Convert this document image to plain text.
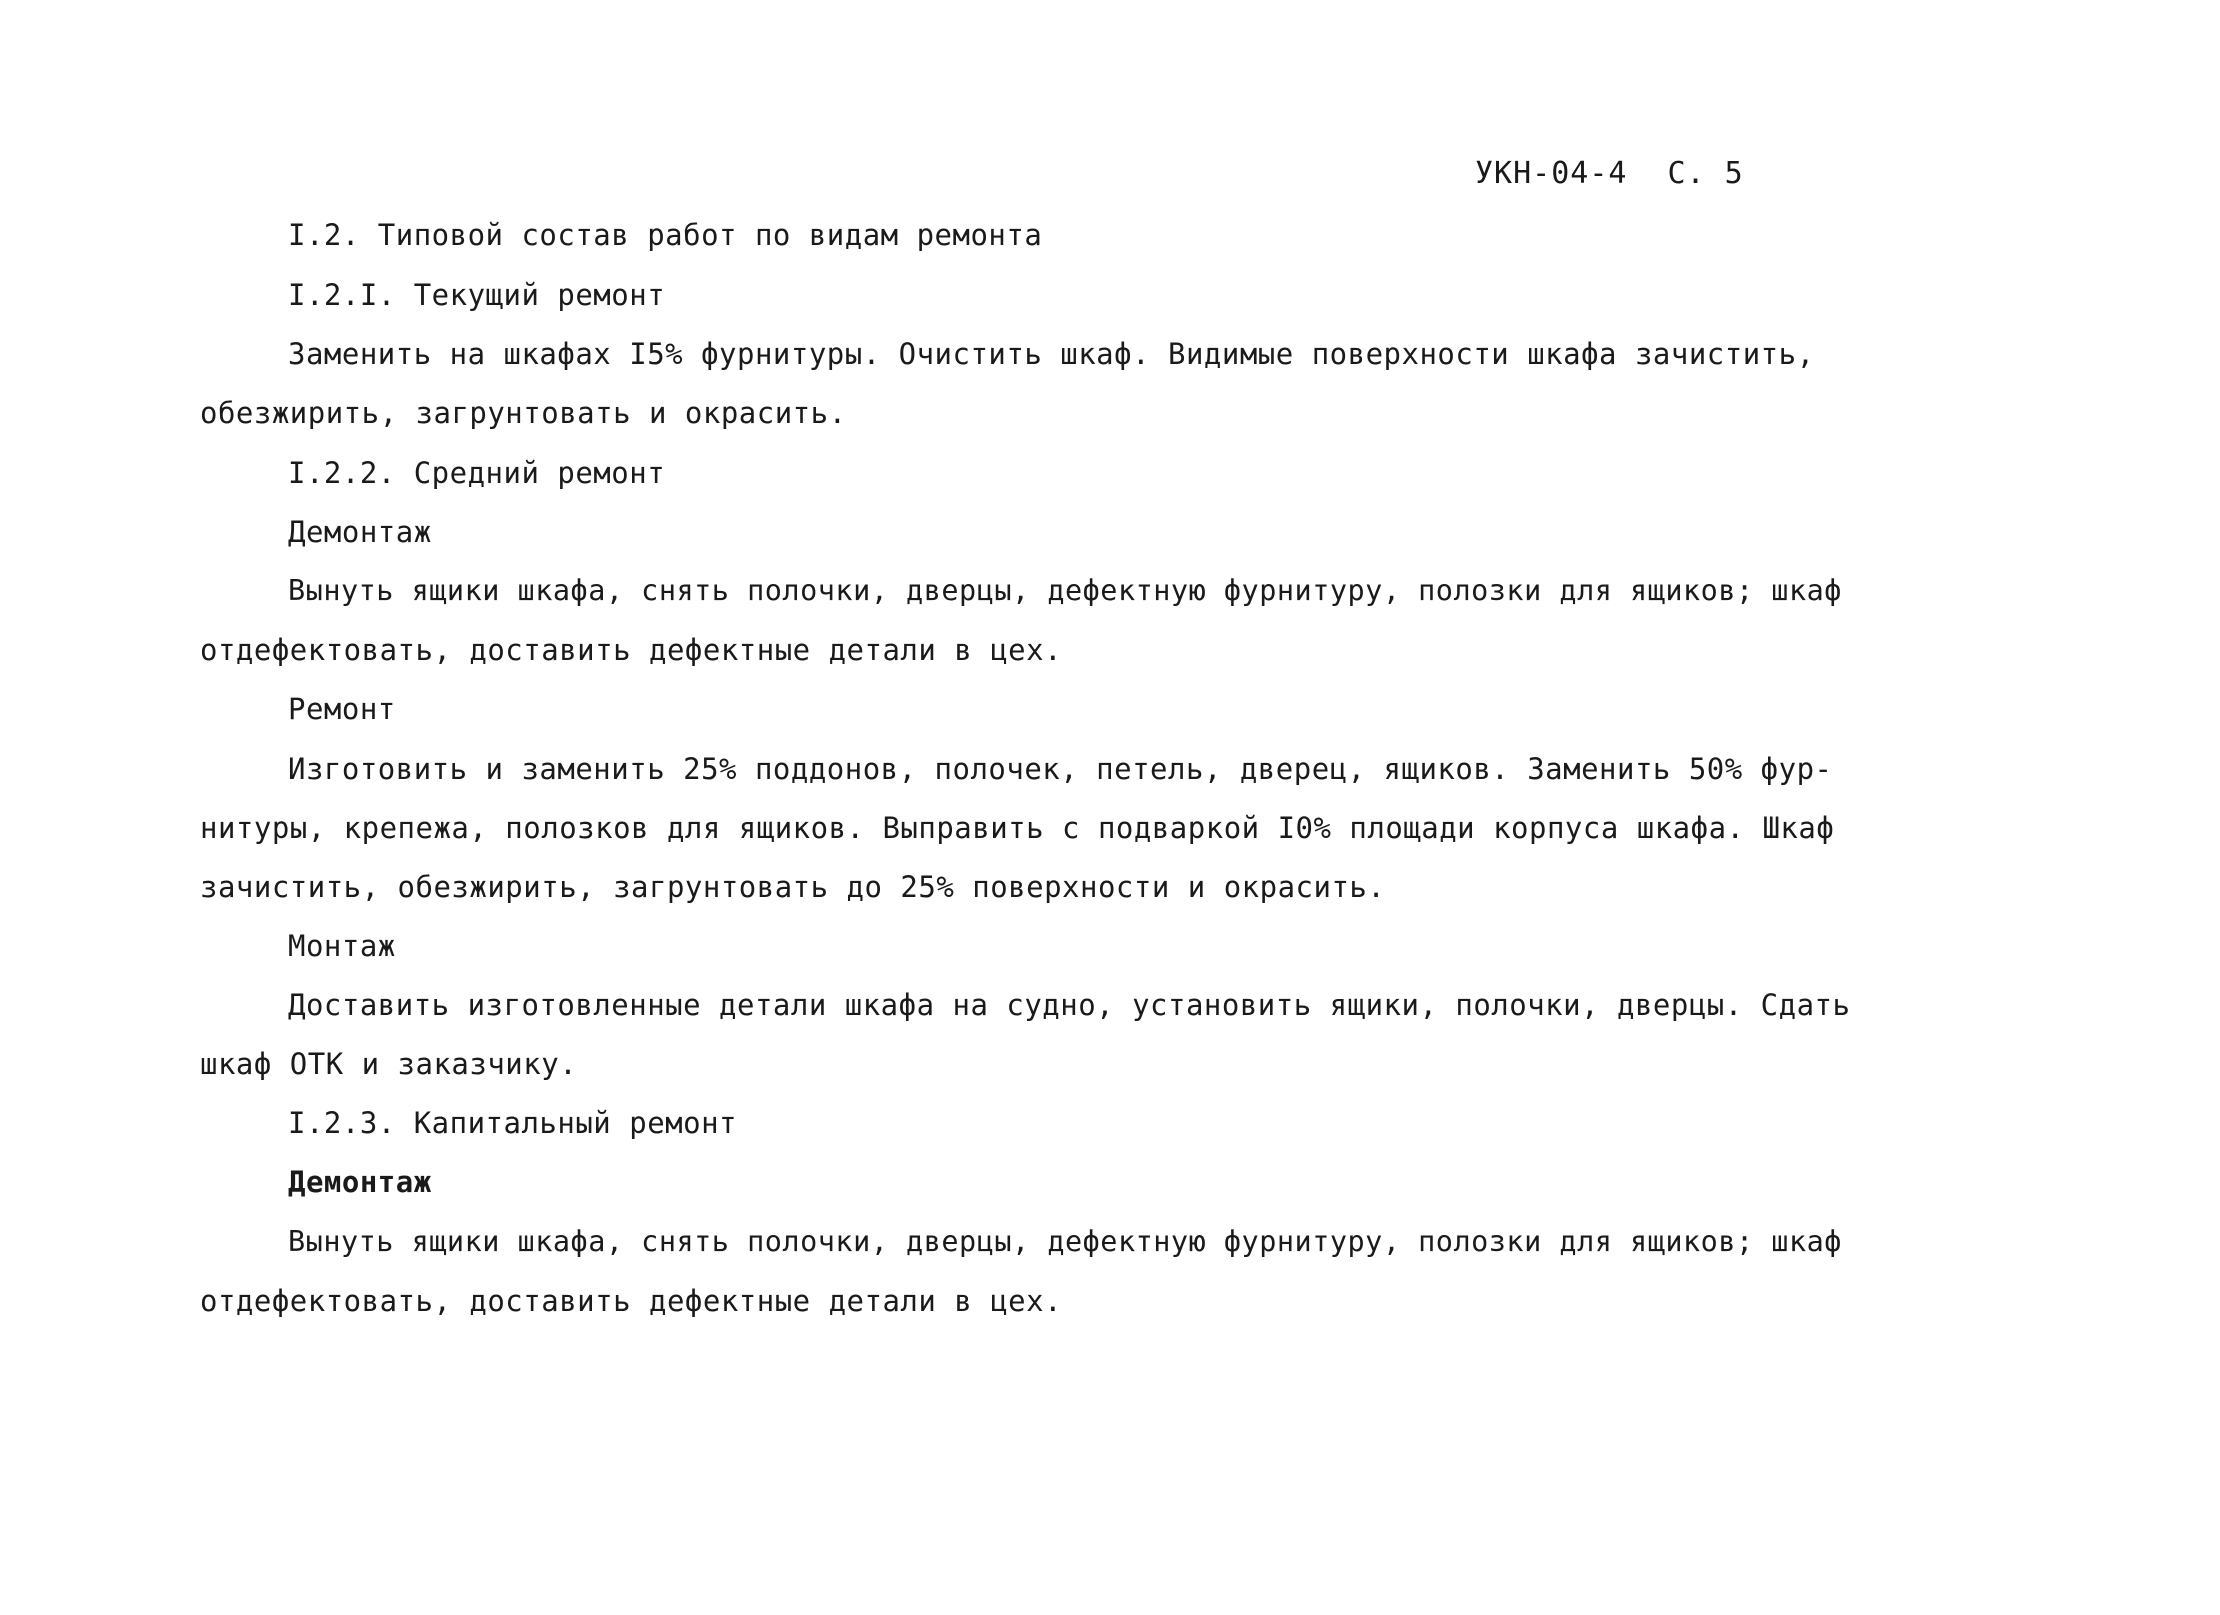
УКН-04-4 С. 5
I.2. Типовой состав работ по видам ремонта
I.2.I. Текущий ремонт
Заменить на шкафах I5% фурнитуры. Очистить шкаф. Видимые поверхности шкафа зачистить,
обезжирить, загрунтовать и окрасить.
I.2.2. Средний ремонт
Демонтаж
Вынуть ящики шкафа, снять полочки, дверцы, дефектную фурнитуру, полозки для ящиков; шкаф
отдефектовать, доставить дефектные детали в цех.
Ремонт
Изготовить и заменить 25% поддонов, полочек, петель, дверец, ящиков. Заменить 50% фур-
нитуры, крепежа, полозков для ящиков. Выправить с подваркой I0% площади корпуса шкафа. Шкаф
зачистить, обезжирить, загрунтовать до 25% поверхности и окрасить.
Монтаж
Доставить изготовленные детали шкафа на судно, установить ящики, полочки, дверцы. Сдать
шкаф ОТК и заказчику.
I.2.3. Капитальный ремонт
Демонтаж
Вынуть ящики шкафа, снять полочки, дверцы, дефектную фурнитуру, полозки для ящиков; шкаф
отдефектовать, доставить дефектные детали в цех.
